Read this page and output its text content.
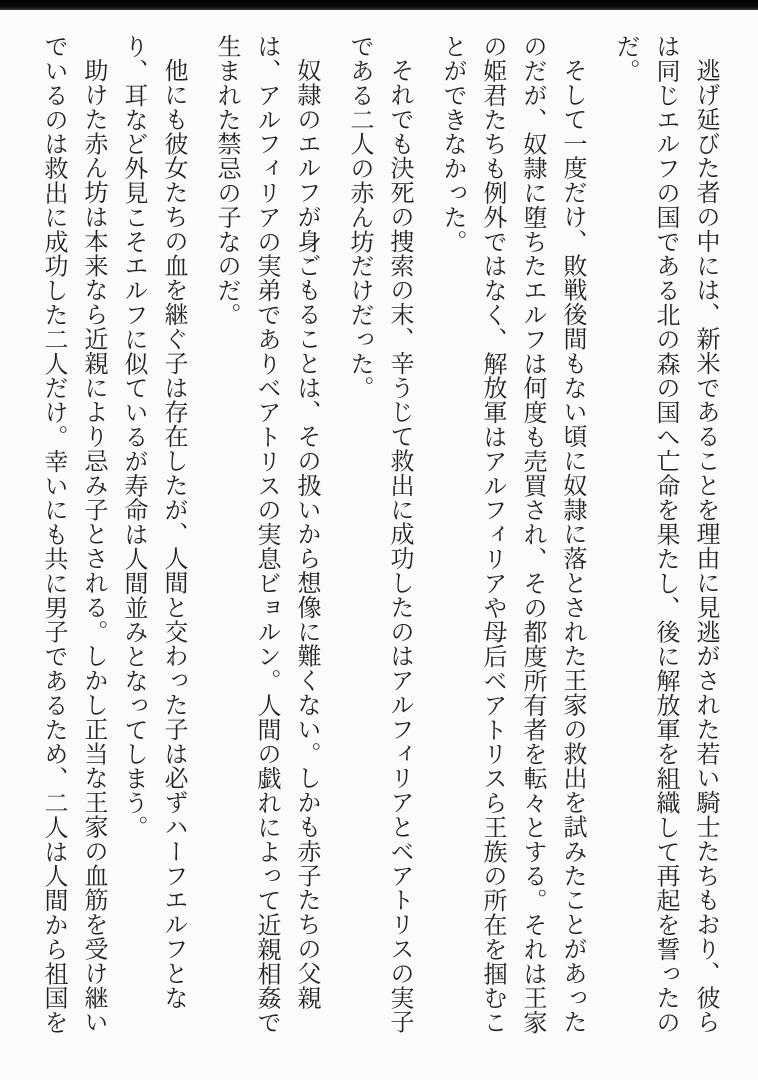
逃げ延びた者の中には、新米であることを理由に見逃がされた若い騎士たちもおり、彼らは同じエルフの国である北の森の国へ亡命を果たし、後に解放軍を組織して再起を誓ったのだ。

そして一度だけ、敗戦後間もない頃に奴隷に落とされた王家の救出を試みたことがあったのだが、奴隷に堕ちたエルフは何度も売買され、その都度所有者を転々とする。それは王家の姫君たちも例外ではなく、解放軍はアルフィリアや母后ベアトリスら王族の所在を掴むことができなかった。

それでも決死の捜索の末、辛うじて救出に成功したのはアルフィリアとベアトリスの実子である二人の赤ん坊だけだった。

奴隷のエルフが身ごもることは、その扱いから想像に難くない。しかも赤子たちの父親は、アルフィリアの実弟でありベアトリスの実息ビョルン。人間の戯れによって近親相姦で生まれた禁忌の子なのだ。

他にも彼女たちの血を継ぐ子は存在したが、人間と交わった子は必ずハーフエルフとなり、耳など外見こそエルフに似ているが寿命は人間並みとなってしまう。

助けた赤ん坊は本来なら近親により忌み子とされる。しかし正当な王家の血筋を受け継いでいるのは救出に成功した二人だけ。幸いにも共に男子であるため、二人は人間から祖国を
